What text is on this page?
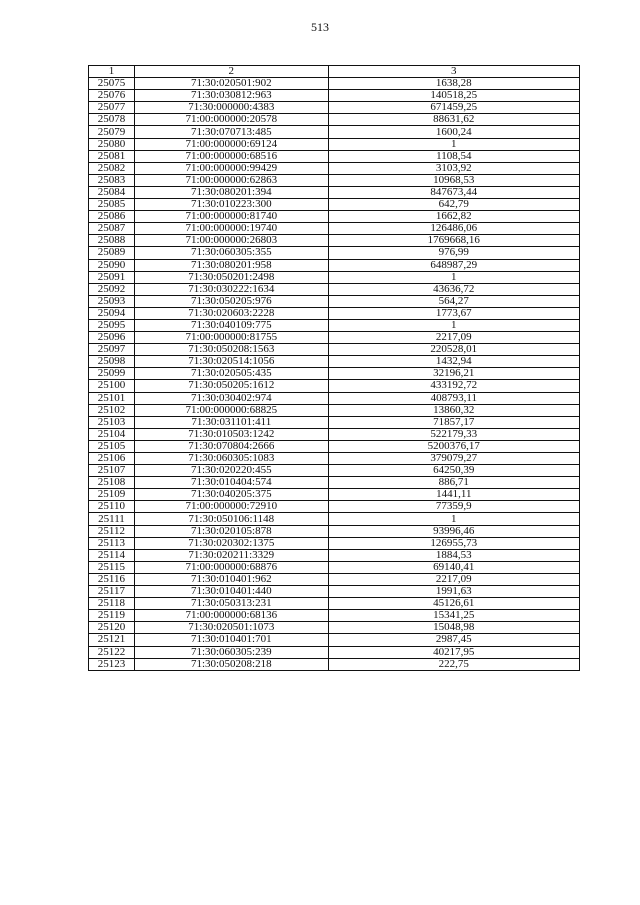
513
1	2	3
25075	71:30:020501:902	1638,28
25076	71:30:030812:963	140518,25
25077	71:30:000000:4383	671459,25
25078	71:00:000000:20578	88631,62
25079	71:30:070713:485	1600,24
25080	71:00:000000:69124	1
25081	71:00:000000:68516	1108,54
25082	71:00:000000:99429	3103,92
25083	71:00:000000:62863	10968,53
25084	71:30:080201:394	847673,44
25085	71:30:010223:300	642,79
25086	71:00:000000:81740	1662,82
25087	71:00:000000:19740	126486,06
25088	71:00:000000:26803	1769668,16
25089	71:30:060305:355	976,99
25090	71:30:080201:958	648987,29
25091	71:30:050201:2498	1
25092	71:30:030222:1634	43636,72
25093	71:30:050205:976	564,27
25094	71:30:020603:2228	1773,67
25095	71:30:040109:775	1
25096	71:00:000000:81755	2217,09
25097	71:30:050208:1563	220528,01
25098	71:30:020514:1056	1432,94
25099	71:30:020505:435	32196,21
25100	71:30:050205:1612	433192,72
25101	71:30:030402:974	408793,11
25102	71:00:000000:68825	13860,32
25103	71:30:031101:411	71857,17
25104	71:30:010503:1242	522179,33
25105	71:30:070804:2666	5200376,17
25106	71:30:060305:1083	379079,27
25107	71:30:020220:455	64250,39
25108	71:30:010404:574	886,71
25109	71:30:040205:375	1441,11
25110	71:00:000000:72910	77359,9
25111	71:30:050106:1148	1
25112	71:30:020105:878	93996,46
25113	71:30:020302:1375	126955,73
25114	71:30:020211:3329	1884,53
25115	71:00:000000:68876	69140,41
25116	71:30:010401:962	2217,09
25117	71:30:010401:440	1991,63
25118	71:30:050313:231	45126,61
25119	71:00:000000:68136	15341,25
25120	71:30:020501:1073	15048,98
25121	71:30:010401:701	2987,45
25122	71:30:060305:239	40217,95
25123	71:30:050208:218	222,75
